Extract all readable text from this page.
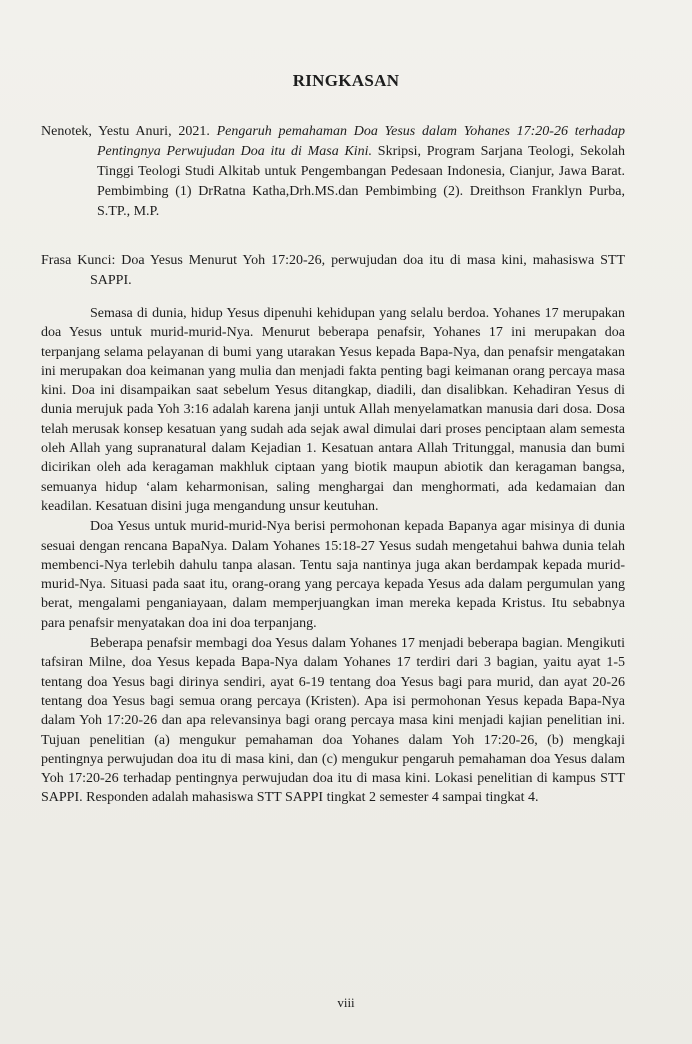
RINGKASAN
Nenotek, Yestu Anuri, 2021. Pengaruh pemahaman Doa Yesus dalam Yohanes 17:20-26 terhadap Pentingnya Perwujudan Doa itu di Masa Kini. Skripsi, Program Sarjana Teologi, Sekolah Tinggi Teologi Studi Alkitab untuk Pengembangan Pedesaan Indonesia, Cianjur, Jawa Barat. Pembimbing (1) DrRatna Katha,Drh.MS.dan Pembimbing (2). Dreithson Franklyn Purba, S.TP., M.P.
Frasa Kunci: Doa Yesus Menurut Yoh 17:20-26, perwujudan doa itu di masa kini, mahasiswa STT SAPPI.

Semasa di dunia, hidup Yesus dipenuhi kehidupan yang selalu berdoa. Yohanes 17 merupakan doa Yesus untuk murid-murid-Nya. Menurut beberapa penafsir, Yohanes 17 ini merupakan doa terpanjang selama pelayanan di bumi yang utarakan Yesus kepada Bapa-Nya, dan penafsir mengatakan ini merupakan doa keimanan yang mulia dan menjadi fakta penting bagi keimanan orang percaya masa kini. Doa ini disampaikan saat sebelum Yesus ditangkap, diadili, dan disalibkan. Kehadiran Yesus di dunia merujuk pada Yoh 3:16 adalah karena janji untuk Allah menyelamatkan manusia dari dosa. Dosa telah merusak konsep kesatuan yang sudah ada sejak awal dimulai dari proses penciptaan alam semesta oleh Allah yang supranatural dalam Kejadian 1. Kesatuan antara Allah Tritunggal, manusia dan bumi dicirikan oleh ada keragaman makhluk ciptaan yang biotik maupun abiotik dan keragaman bangsa, semuanya hidup ‘alam keharmonisan, saling menghargai dan menghormati, ada kedamaian dan keadilan. Kesatuan disini juga mengandung unsur keutuhan.

Doa Yesus untuk murid-murid-Nya berisi permohonan kepada Bapanya agar misinya di dunia sesuai dengan rencana BapaNya. Dalam Yohanes 15:18-27 Yesus sudah mengetahui bahwa dunia telah membenci-Nya terlebih dahulu tanpa alasan. Tentu saja nantinya juga akan berdampak kepada murid-murid-Nya. Situasi pada saat itu, orang-orang yang percaya kepada Yesus ada dalam pergumulan yang berat, mengalami penganiayaan, dalam memperjuangkan iman mereka kepada Kristus. Itu sebabnya para penafsir menyatakan doa ini doa terpanjang.

Beberapa penafsir membagi doa Yesus dalam Yohanes 17 menjadi beberapa bagian. Mengikuti tafsiran Milne, doa Yesus kepada Bapa-Nya dalam Yohanes 17 terdiri dari 3 bagian, yaitu ayat 1-5 tentang doa Yesus bagi dirinya sendiri, ayat 6-19 tentang doa Yesus bagi para murid, dan ayat 20-26 tentang doa Yesus bagi semua orang percaya (Kristen). Apa isi permohonan Yesus kepada Bapa-Nya dalam Yoh 17:20-26 dan apa relevansinya bagi orang percaya masa kini menjadi kajian penelitian ini. Tujuan penelitian (a) mengukur pemahaman doa Yohanes dalam Yoh 17:20-26, (b) mengkaji pentingnya perwujudan doa itu di masa kini, dan (c) mengukur pengaruh pemahaman doa Yesus dalam Yoh 17:20-26 terhadap pentingnya perwujudan doa itu di masa kini. Lokasi penelitian di kampus STT SAPPI. Responden adalah mahasiswa STT SAPPI tingkat 2 semester 4 sampai tingkat 4.

viii
